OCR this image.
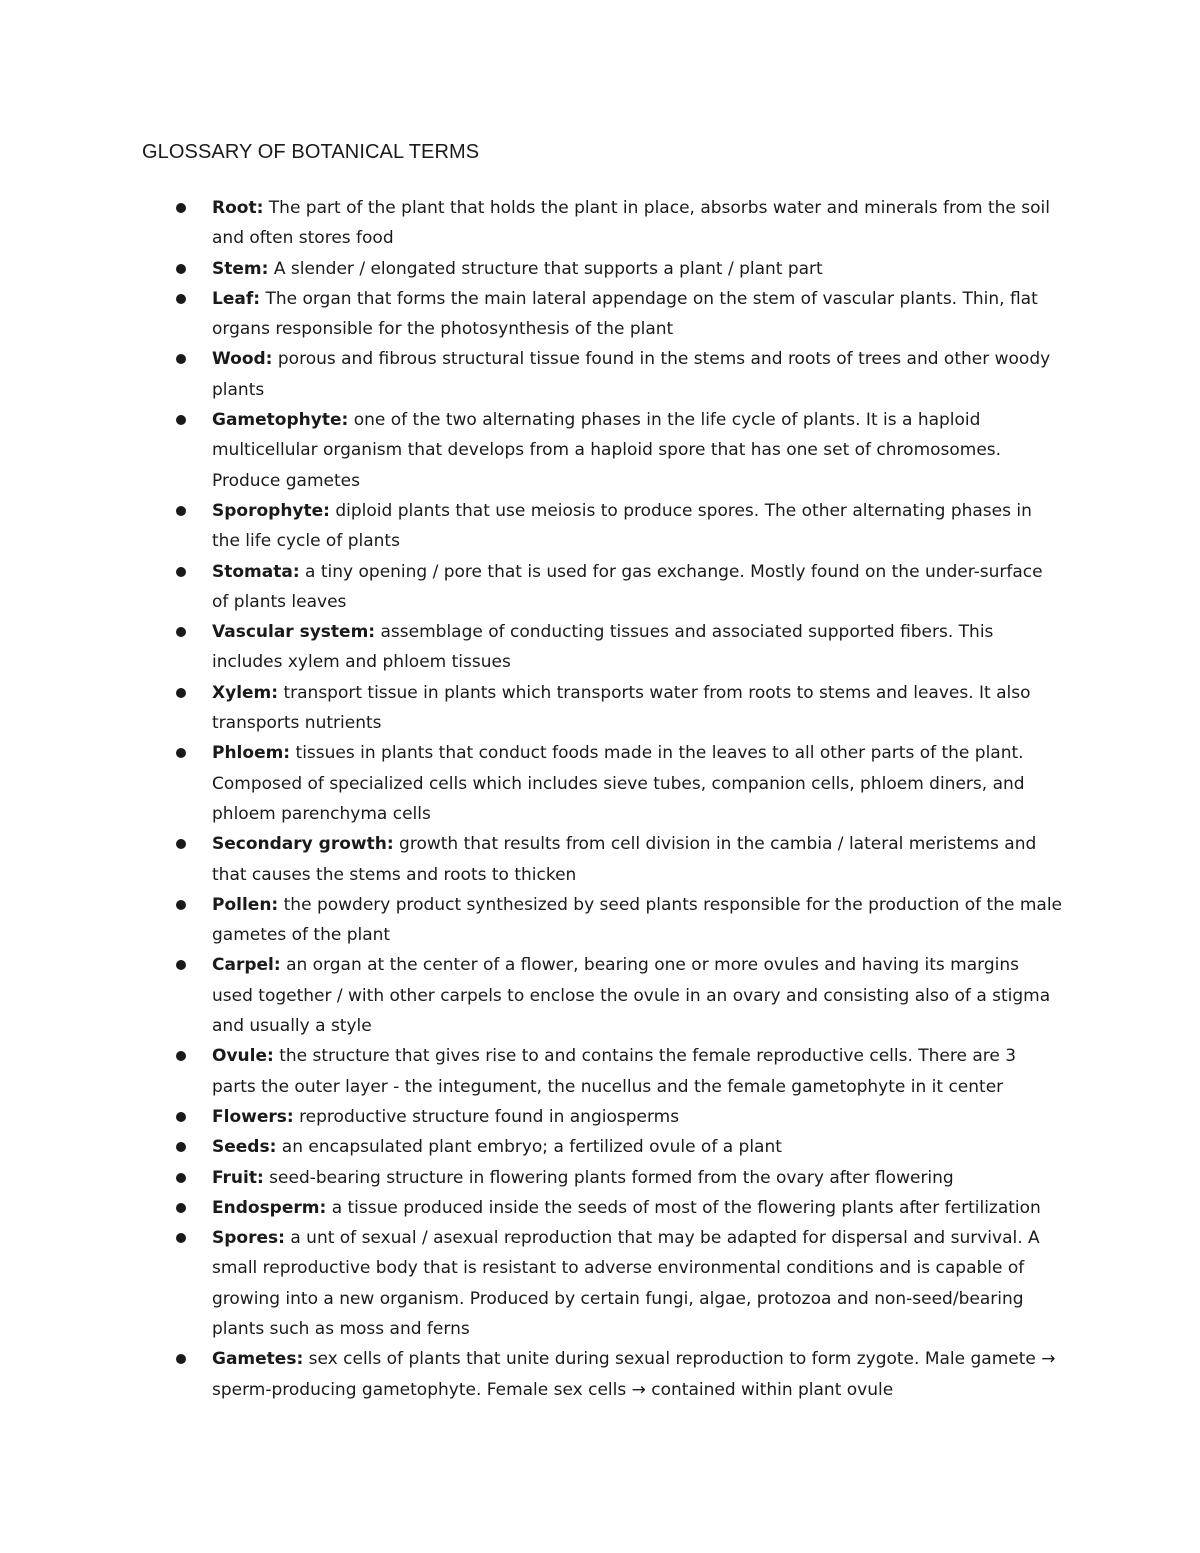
GLOSSARY OF BOTANICAL TERMS
Root: The part of the plant that holds the plant in place, absorbs water and minerals from the soil and often stores food
Stem: A slender / elongated structure that supports a plant / plant part
Leaf: The organ that forms the main lateral appendage on the stem of vascular plants. Thin, flat organs responsible for the photosynthesis of the plant
Wood: porous and fibrous structural tissue found in the stems and roots of trees and other woody plants
Gametophyte: one of the two alternating phases in the life cycle of plants. It is a haploid multicellular organism that develops from a haploid spore that has one set of chromosomes. Produce gametes
Sporophyte: diploid plants that use meiosis to produce spores. The other alternating phases in the life cycle of plants
Stomata: a tiny opening / pore that is used for gas exchange. Mostly found on the under-surface of plants leaves
Vascular system: assemblage of conducting tissues and associated supported fibers. This includes xylem and phloem tissues
Xylem: transport tissue in plants which transports water from roots to stems and leaves. It also transports nutrients
Phloem: tissues in plants that conduct foods made in the leaves to all other parts of the plant. Composed of specialized cells which includes sieve tubes, companion cells, phloem diners, and phloem parenchyma cells
Secondary growth: growth that results from cell division in the cambia / lateral meristems and that causes the stems and roots to thicken
Pollen: the powdery product synthesized by seed plants responsible for the production of the male gametes of the plant
Carpel: an organ at the center of a flower, bearing one or more ovules and having its margins used together / with other carpels to enclose the ovule in an ovary and consisting also of a stigma and usually a style
Ovule: the structure that gives rise to and contains the female reproductive cells. There are 3 parts the outer layer - the integument, the nucellus and the female gametophyte in it center
Flowers: reproductive structure found in angiosperms
Seeds: an encapsulated plant embryo; a fertilized ovule of a plant
Fruit: seed-bearing structure in flowering plants formed from the ovary after flowering
Endosperm: a tissue produced inside the seeds of most of the flowering plants after fertilization
Spores: a unt of sexual / asexual reproduction that may be adapted for dispersal and survival. A small reproductive body that is resistant to adverse environmental conditions and is capable of growing into a new organism. Produced by certain fungi, algae, protozoa and non-seed/bearing plants such as moss and ferns
Gametes: sex cells of plants that unite during sexual reproduction to form zygote. Male gamete → sperm-producing gametophyte. Female sex cells → contained within plant ovule
